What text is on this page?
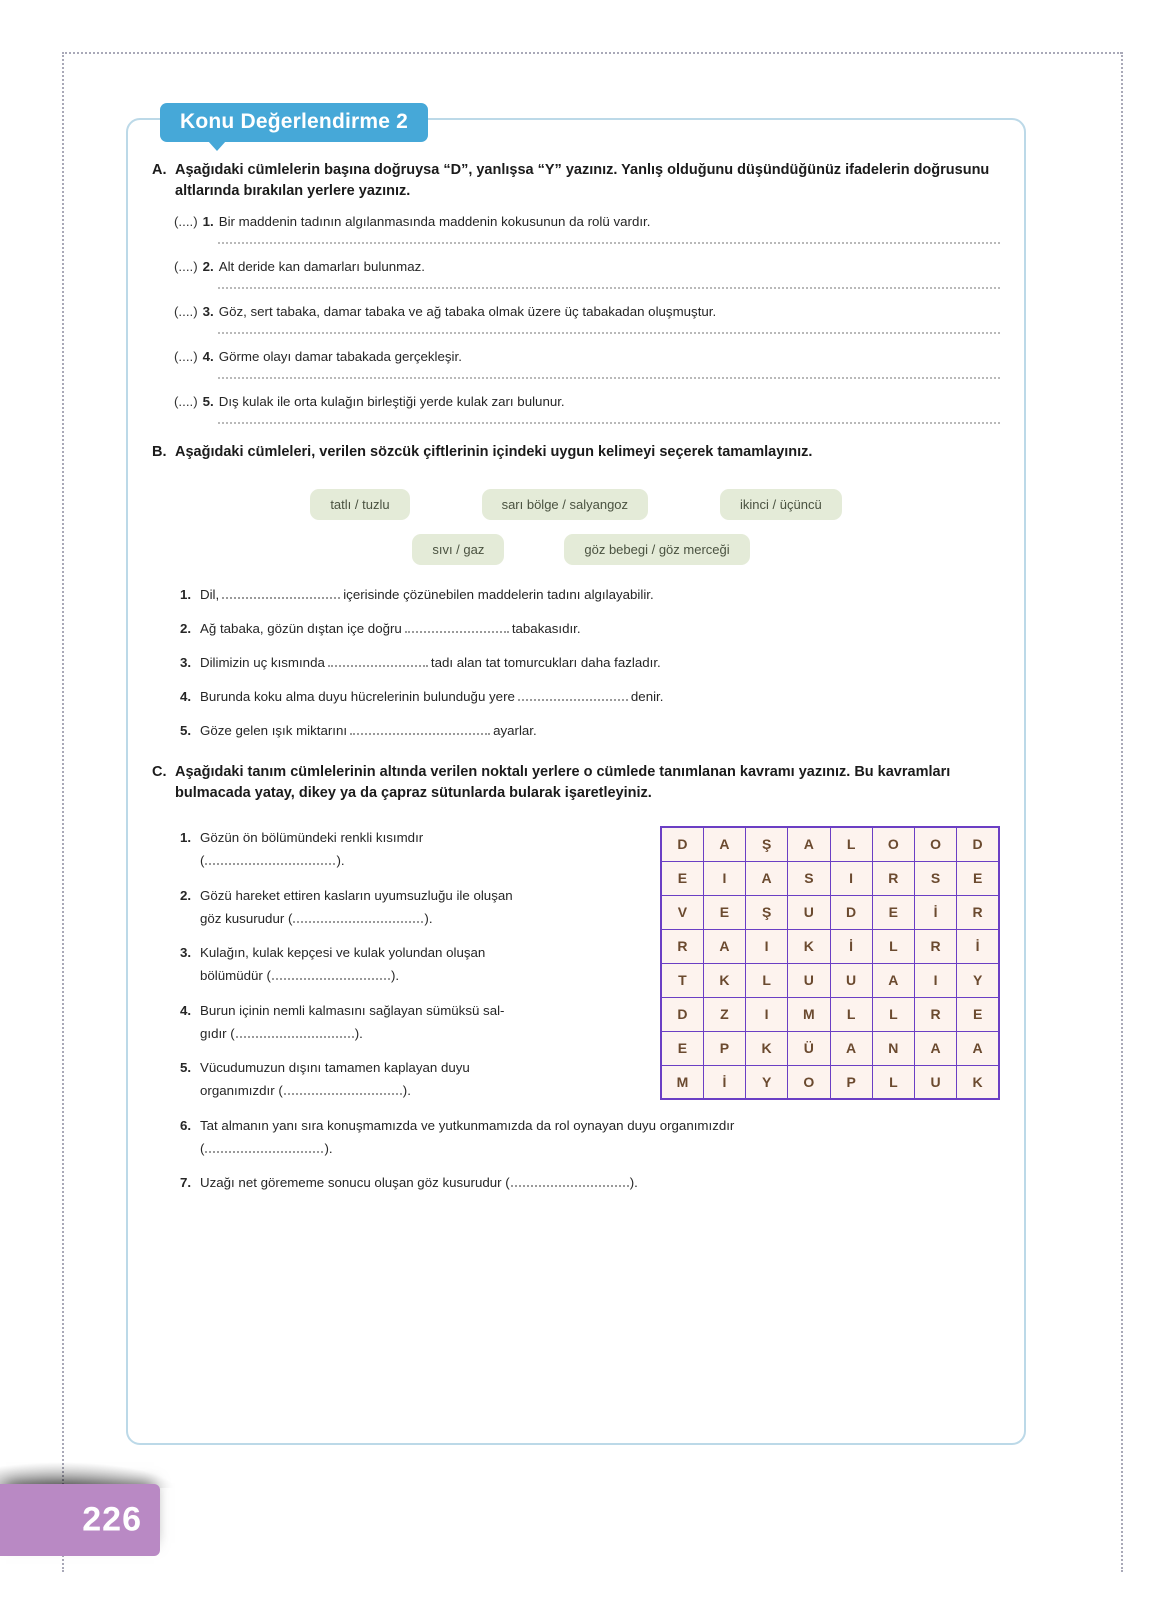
Konu Değerlendirme 2
A. Aşağıdaki cümlelerin başına doğruysa “D”, yanlışsa “Y” yazınız. Yanlış olduğunu düşündüğünüz ifadelerin doğrusunu altlarında bırakılan yerlere yazınız.
(....) 1. Bir maddenin tadının algılanmasında maddenin kokusunun da rolü vardır.
(....) 2. Alt deride kan damarları bulunmaz.
(....) 3. Göz, sert tabaka, damar tabaka ve ağ tabaka olmak üzere üç tabakadan oluşmuştur.
(....) 4. Görme olayı damar tabakada gerçekleşir.
(....) 5. Dış kulak ile orta kulağın birleştiği yerde kulak zarı bulunur.
B. Aşağıdaki cümleleri, verilen sözcük çiftlerinin içindeki uygun kelimeyi seçerek tamamlayınız.
tatlı / tuzlu	sarı bölge / salyangoz	ikinci / üçüncü
sıvı / gaz	göz bebegi / göz merceği
1. Dil,	içerisinde çözünebilen maddelerin tadını algılayabilir.
2. Ağ tabaka, gözün dıştan içe doğru	tabakasıdır.
3. Dilimizin uç kısmında	tadı alan tat tomurcukları daha fazladır.
4. Burunda koku alma duyu hücrelerinin bulunduğu yere	denir.
5. Göze gelen ışık miktarını	ayarlar.
C. Aşağıdaki tanım cümlelerinin altında verilen noktalı yerlere o cümlede tanımlanan kavramı yazınız. Bu kavramları bulmacada yatay, dikey ya da çapraz sütunlarda bularak işaretleyiniz.
1. Gözün ön bölümündeki renkli kısımdır
(	).
2. Gözü hareket ettiren kasların uyumsuzluğu ile oluşan
göz kusurudur (	).
3. Kulağın, kulak kepçesi ve kulak yolundan oluşan
bölümüdür (	).
4. Burun içinin nemli kalmasını sağlayan sümüksü sal-
gıdır (	).
5. Vücudumuzun dışını tamamen kaplayan duyu
organımızdır (	).
6. Tat almanın yanı sıra konuşmamızda ve yutkunmamızda da rol oynayan duyu organımızdır
(	).
7. Uzağı net görememe sonucu oluşan göz kusurudur (	).
D	A	Ş	A	L	O	O	D
E	I	A	S	I	R	S	E
V	E	Ş	U	D	E	İ	R
R	A	I	K	İ	L	R	İ
T	K	L	U	U	A	I	Y
D	Z	I	M	L	L	R	E
E	P	K	Ü	A	N	A	A
M	İ	Y	O	P	L	U	K
226
